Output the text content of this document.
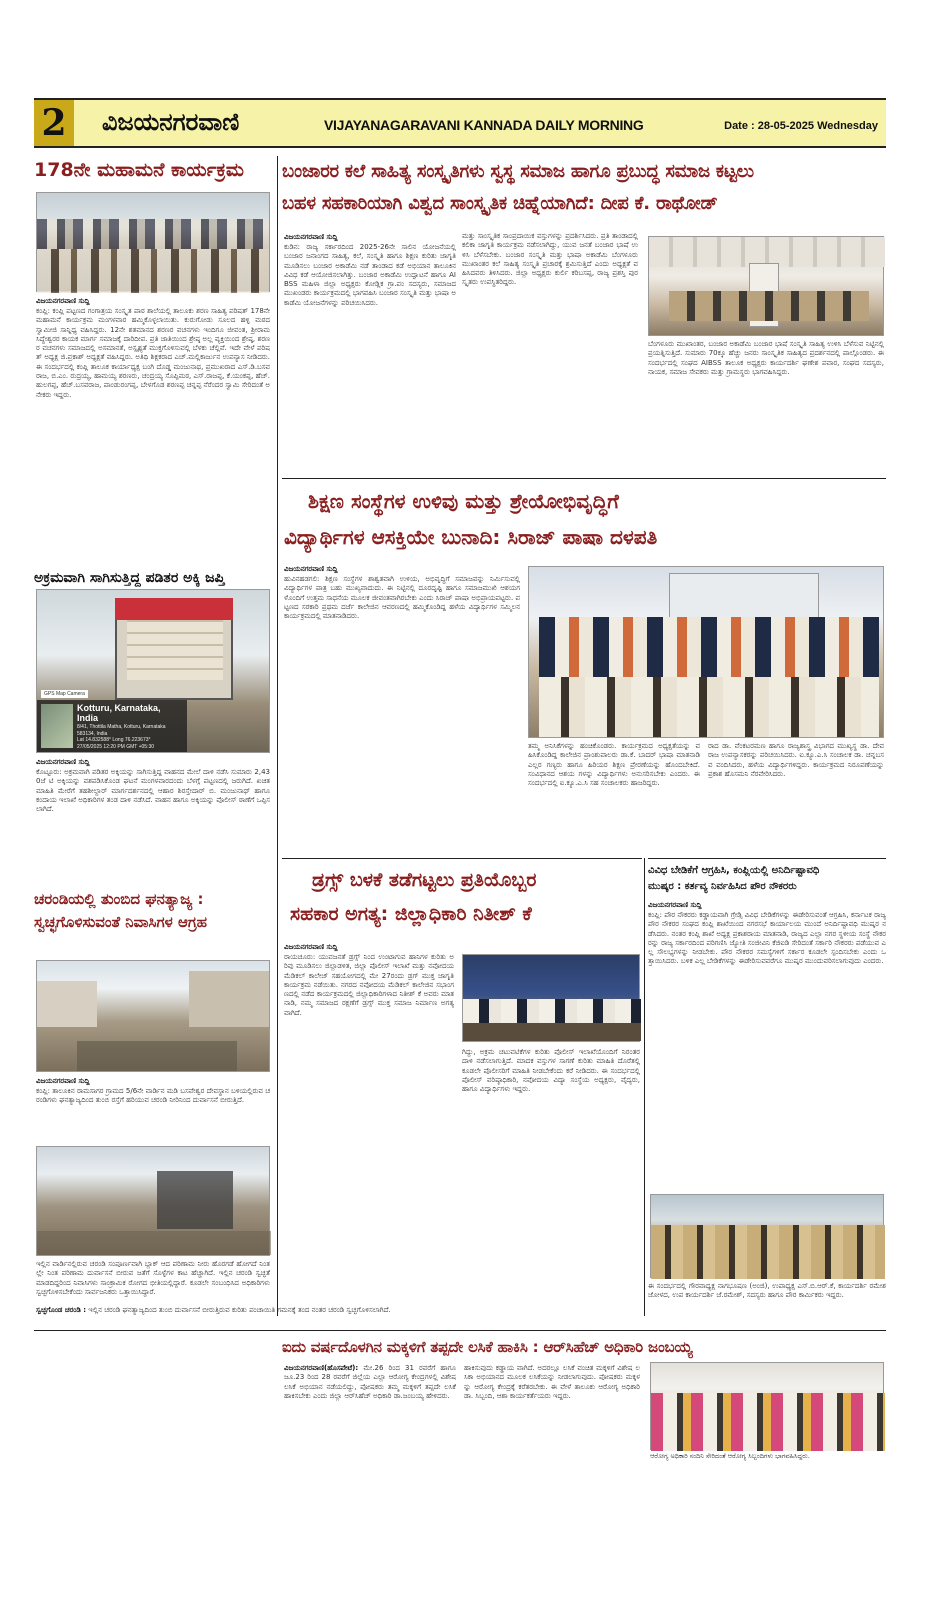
2	ವಿಜಯನಗರವಾಣಿ	VIJAYANAGARAVANI KANNADA DAILY MORNING	Date : 28-05-2025 Wednesday
178ನೇ ಮಹಾಮನೆ ಕಾರ್ಯಕ್ರಮ
ವಿಜಯನಗರವಾಣಿ ಸುದ್ದಿ
ಕಂಪ್ಲಿ: ಕಂಪ್ಲಿ ಪಟ್ಟಣದ ಗಂಗಾತ್ರಯ ಸಂಸ್ಕೃತ ಪಾಠ ಶಾಲೆಯಲ್ಲಿ ತಾಲೂಕು ಶರಣ ಸಾಹಿತ್ಯ ಪರಿಷತ್ 178ನೇ ಮಹಾಮನೆ ಕಾರ್ಯಕ್ರಮ ಮಂಗಳವಾರ ಹಮ್ಮಿಕೊಳ್ಳಲಾಯಿತು. ಕುರುಗೋಡು ಸೂಲದ ಹಳ್ಳಿ ಮಠದ ಸ್ವಾಮೀಜಿ ಸಾನ್ನಿಧ್ಯ ವಹಿಸಿದ್ದರು. 12ನೇ ಶತಮಾನದ ಶರಣರ ವಚನಗಳು ಇಂದಿಗೂ ಜೀವಂತ, ಶ್ರೀರಾಮ ಸಿದ್ಧೇಶ್ವರರ ಕಾಯಕ ಮಾರ್ಗ ಸಮಾಜಕ್ಕೆ ದಾರಿದೀಪ. ಪ್ರತಿ ಜಾತಿಯಿಂದ ಶ್ರೇಷ್ಠ ಅಲ್ಲ ವ್ಯಕ್ತಿಯಿಂದ ಶ್ರೇಷ್ಠ, ಶರಣರ ವಚನಗಳು ಸಮಾಜದಲ್ಲಿ ಅಸಮಾನತೆ, ಅಸ್ಪೃಶ್ಯತೆ ಮುಕ್ತಗೊಳಿಸುವಲ್ಲಿ ಬೆಳಕು ಚೆಲ್ಲಿವೆ. ಇದೇ ವೇಳೆ ಪರಿಷತ್ ಅಧ್ಯಕ್ಷ ಜಿ.ಪ್ರಕಾಶ್ ಅಧ್ಯಕ್ಷತೆ ವಹಿಸಿದ್ದರು. ಅತಿಥಿ ಶಿಕ್ಷಕರಾದ ಎಚ್.ಮಲ್ಲಿಕಾರ್ಜುನ ಉಪನ್ಯಾಸ ನೀಡಿದರು. ಈ ಸಂದರ್ಭದಲ್ಲಿ ಕಂಪ್ಲಿ ತಾಲೂಕ ಕಾರ್ಯಾಧ್ಯಕ್ಷ ಬಂಗಿ ದೊಡ್ಡ ಮಂಜುನಾಥ, ಪ್ರಮುಖರಾದ ಎಸ್.ಡಿ.ಬಸವರಾಜ, ಬಿ.ಎಂ. ರುದ್ರಯ್ಯ, ಹಾಮಯ್ಯ ಶರಣರು, ಚಂದ್ರಯ್ಯ ಸೊಪ್ಪಿಮಠ, ಎಸ್.ರಾಜಪ್ಪ, ಕೆ.ಯಂಕಪ್ಪ, ಹೆಚ್.ಹುಲಗಪ್ಪ, ಹೆಚ್.ಬಸವರಾಜ, ಪಾಂಡುರಂಗಪ್ಪ, ಬೇಳಗೊಡ ಶರಣಪ್ಪ ಚನ್ನಪ್ಪ ನೆರೆಂದರ ಸ್ವಾಮಿ ಸೇರಿದಂತೆ ಅನೇಕರು ಇದ್ದರು.
ಅಕ್ರಮವಾಗಿ ಸಾಗಿಸುತ್ತಿದ್ದ ಪಡಿತರ ಅಕ್ಕಿ ಜಪ್ತಿ
Kotturu, Karnataka, India
8/41, Thottila Matha, Kotturu, Karnataka 583134, India
Lat 14.832588° Long 76.223673°
27/05/2025 12:20 PM GMT +05:30
GPS Map Camera
ವಿಜಯನಗರವಾಣಿ ಸುದ್ದಿ
ಕೊಟ್ಟೂರು: ಅಕ್ರಮವಾಗಿ ಪಡಿತರ ಅಕ್ಕಿಯನ್ನು ಸಾಗಿಸುತ್ತಿದ್ದ ವಾಹನದ ಮೇಲೆ ದಾಳಿ ನಡೆಸಿ ಸುಮಾರು 2,430ಜೆ ಟಿ ಅಕ್ಕಿಯನ್ನು ವಶಪಡಿಸಿಕೊಂಡ ಘಟನೆ ಮಂಗಳವಾರದಂದು ಬೆಳಗ್ಗೆ ಪಟ್ಟಣದಲ್ಲಿ ಜರುಗಿದೆ. ಖಚಿತ ಮಾಹಿತಿ ಮೇರೆಗೆ ತಹಶೀಲ್ದಾರ್ ಮಾರ್ಗದರ್ಶನದಲ್ಲಿ ಆಹಾರ ಶಿರಸ್ತೇದಾರ್ ಬಿ. ಮಂಜುನಾಥ್ ಹಾಗೂ ಕಂದಾಯ ಇಲಾಖೆ ಅಧಿಕಾರಿಗಳ ತಂಡ ದಾಳಿ ನಡೆಸಿದೆ. ವಾಹನ ಹಾಗೂ ಅಕ್ಕಿಯನ್ನು ಪೊಲೀಸ್ ಠಾಣೆಗೆ ಒಪ್ಪಿಸಲಾಗಿದೆ.
ಚರಂಡಿಯಲ್ಲಿ ತುಂಬಿದ ಘನತ್ಯಾಜ್ಯ :
ಸ್ವಚ್ಛಗೊಳಿಸುವಂತೆ ನಿವಾಸಿಗಳ ಆಗ್ರಹ
ವಿಜಯನಗರವಾಣಿ ಸುದ್ದಿ
ಕಂಪ್ಲಿ: ತಾಲೂಕಿನ ರಾಮಸಾಗರ ಗ್ರಾಮದ 5/6ನೇ ವಾರ್ಡಿನ ಮಡಿ ಬಸವೇಶ್ವರ ದೇವಸ್ಥಾನ ಬಳಿಯಲ್ಲಿರುವ ಚರಂಡಿಗಳು ಘನತ್ಯಾಜ್ಯದಿಂದ ತುಂಬಿ ರಸ್ತೆಗೆ ಹರಿಯುವ ಚರಂಡಿ ನೀರಿನಿಂದ ದುರ್ವಾಸನೆ ಬೀರುತ್ತಿದೆ.
ಇಲ್ಲಿನ ವಾರ್ಡಿನಲ್ಲಿರುವ ಚರಂಡಿ ಸಂಪೂರ್ಣವಾಗಿ ಬ್ಲಾಕ್ ಆದ ಪರಿಣಾಮ ನೀರು ಹೊರಗಡೆ ಹೋಗದೆ ನಿಂತಲ್ಲೇ ನಿಂತ ಪರಿಣಾಮ ದುರ್ವಾಸನೆ ಬೀರುವ ಜತೆಗೆ ಸೊಳ್ಳೆಗಳ ಕಾಟ ಹೆಚ್ಚಾಗಿದೆ. ಇಲ್ಲಿನ ಚರಂಡಿ ಸ್ವಚ್ಛತೆ ಮಾಡದಿದ್ದರಿಂದ ನಿವಾಸಿಗಳು ಸಾಂಕ್ರಾಮಿಕ ರೋಗದ ಭೀತಿಯಲ್ಲಿದ್ದಾರೆ. ಕೂಡಲೇ ಸಂಬಂಧಿಸಿದ ಅಧಿಕಾರಿಗಳು ಸ್ವಚ್ಛಗೊಳಿಸಬೇಕೆಂದು ಸಾರ್ವಜನಿಕರು ಒತ್ತಾಯಿಸಿದ್ದಾರೆ.
ಸ್ವಚ್ಛಗೊಂಡ ಚರಂಡಿ : ಇಲ್ಲಿನ ಚರಂಡಿ ಘನತ್ಯಾಜ್ಯದಿಂದ ತುಂಬಿ ದುರ್ವಾಸನೆ ಬೀರುತ್ತಿರುವ ಕುರಿತು ಪಂಚಾಯಿತಿ ಗಮನಕ್ಕೆ ತಂದ ನಂತರ ಚರಂಡಿ ಸ್ವಚ್ಛಗೊಳಿಸಲಾಗಿದೆ.
ಬಂಜಾರರ ಕಲೆ ಸಾಹಿತ್ಯ ಸಂಸ್ಕೃತಿಗಳು ಸ್ವಸ್ಥ ಸಮಾಜ ಹಾಗೂ ಪ್ರಬುದ್ಧ ಸಮಾಜ ಕಟ್ಟಲು
ಬಹಳ ಸಹಕಾರಿಯಾಗಿ ವಿಶ್ವದ ಸಾಂಸ್ಕೃತಿಕ ಚಿಹ್ನೆಯಾಗಿದೆ: ದೀಪ ಕೆ. ರಾಥೋಡ್
ವಿಜಯನಗರವಾಣಿ ಸುದ್ದಿ
ಕುಡಿನ: ರಾಜ್ಯ ಸರ್ಕಾರದಿಂದ 2025-26ನೇ ಸಾಲಿನ ಯೋಜನೆಯಲ್ಲಿ ಬಂಜಾರ ಜನಾಂಗದ ಸಾಹಿತ್ಯ, ಕಲೆ, ಸಂಸ್ಕೃತಿ ಹಾಗೂ ಶಿಕ್ಷಣ ಕುರಿತು ಜಾಗೃತಿ ಮೂಡಿಸಲು ಬಂಜಾರ ಅಕಾಡೆಮಿ ನಡೆ ತಾಂಡಾದ ಕಡೆ ಅಭಿಯಾನ ತಾಲೂಕಿನ ವಿವಿಧ ಕಡೆ ಆಯೋಜಿಸಲಾಗಿತ್ತು. ಬಂಜಾರ ಅಕಾಡೆಮಿ ಉದ್ಘಾಟನೆ ಹಾಗೂ AIBSS ಮಹಿಳಾ ಜಿಲ್ಲಾ ಅಧ್ಯಕ್ಷರು ಕೋಡ್ಲಿಕ ಗ್ರಾ.ಪಂ ಸದಸ್ಯರು, ಸಮಾಜದ ಮುಖಂಡರು ಕಾರ್ಯಕ್ರಮದಲ್ಲಿ ಭಾಗವಹಿಸಿ ಬಂಜಾರ ಸಂಸ್ಕೃತಿ ಮತ್ತು ಭಾಷಾ ಅಕಾಡೆಮಿ ಯೋಜನೆಗಳನ್ನು ಪರಿಚಯಿಸಿದರು.
ಮತ್ತು ಸಾಂಸ್ಕೃತಿಕ ಸಾಂಪ್ರದಾಯಿಕ ವಸ್ತುಗಳನ್ನು ಪ್ರದರ್ಶಿಸಿದರು. ಪ್ರತಿ ತಾಂಡಾದಲ್ಲಿ ಕಲಿಕಾ ಜಾಗೃತಿ ಕಾರ್ಯಕ್ರಮ ನಡೆಸಲಾಗಿದ್ದು, ಯುವ ಜನತೆ ಬಂಜಾರ ಭಾಷೆ ಉಳಿಸಿ ಬೆಳೆಸಬೇಕು. ಬಂಜಾರ ಸಂಸ್ಕೃತಿ ಮತ್ತು ಭಾಷಾ ಅಕಾಡೆಮಿ ಬೆಂಗಳೂರು ಮುಖಾಂತರ ಕಲೆ ಸಾಹಿತ್ಯ ಸಂಸ್ಕೃತಿ ಪ್ರಚಾರಕ್ಕೆ ಶ್ರಮಿಸುತ್ತಿದೆ ಎಂದು ಅಧ್ಯಕ್ಷತೆ ವಹಿಸಿದವರು ತಿಳಿಸಿದರು. ಜಿಲ್ಲಾ ಅಧ್ಯಕ್ಷರು ಕುರ್ಲಿ ಕರಿಬಸಪ್ಪ, ರಾಜ್ಯ ಪ್ರಶಸ್ತಿ ಪುರಸ್ಕೃತರು ಉಪಸ್ಥಿತರಿದ್ದರು.
ಬೆಂಗಳೂರು ಮುಖಾಂತರ, ಬಂಜಾರ ಅಕಾಡೆಮಿ ಬಂಜಾರ ಭಾಷೆ ಸಂಸ್ಕೃತಿ ಸಾಹಿತ್ಯ ಉಳಿಸಿ ಬೆಳೆಸುವ ನಿಟ್ಟಿನಲ್ಲಿ ಪ್ರಯತ್ನಿಸುತ್ತಿದೆ. ಸುಮಾರು 70ಕ್ಕೂ ಹೆಚ್ಚು ಜನರು ಸಾಂಸ್ಕೃತಿಕ ಸಾಹಿತ್ಯದ ಪ್ರದರ್ಶನದಲ್ಲಿ ಪಾಲ್ಗೊಂಡರು. ಈ ಸಂದರ್ಭದಲ್ಲಿ ಸಂಘದ AIBSS ತಾಲೂಕ ಅಧ್ಯಕ್ಷರು ಕಾರ್ಯದರ್ಶಿ ಘಣೇಶ ಪವಾರ, ಸಂಘದ ಸದಸ್ಯರು, ನಾಯಕ, ಸಮಾಜ ಸೇವಕರು ಮತ್ತು ಗ್ರಾಮಸ್ಥರು ಭಾಗವಹಿಸಿದ್ದರು.
ಶಿಕ್ಷಣ ಸಂಸ್ಥೆಗಳ ಉಳಿವು ಮತ್ತು ಶ್ರೇಯೋಭಿವೃದ್ಧಿಗೆ
ವಿದ್ಯಾರ್ಥಿಗಳ ಆಸಕ್ತಿಯೇ ಬುನಾದಿ: ಸಿರಾಜ್ ಪಾಷಾ ದಳಪತಿ
ವಿಜಯನಗರವಾಣಿ ಸುದ್ದಿ
ಹುವಿನಹಡಗಲಿ: ಶಿಕ್ಷಣ ಸಂಸ್ಥೆಗಳ ಶಾಶ್ವತವಾಗಿ ಉಳಿಯ, ಅಭಿವೃದ್ಧಿಗೆ ಸಮಾಜವನ್ನು ನಿರ್ಮಿಸುವಲ್ಲಿ ವಿದ್ಯಾರ್ಥಿಗಳ ಪಾತ್ರ ಬಹು ಮುಖ್ಯವಾದುದು. ಈ ನಿಟ್ಟಿನಲ್ಲಿ ದೂರದೃಷ್ಟಿ ಹಾಗೂ ಸಮಾಜಮುಖಿ ಆಶಯಗಳೊಂದಿಗೆ ಉತ್ತಮ ಸಾಧನೆಯ ಮೂಲಕ ಜೀವಂತವಾಗಿರಬೇಕು ಎಂದು ಸಿರಾಜ್ ಪಾಷಾ ಅಭಿಪ್ರಾಯಪಟ್ಟರು. ಪಟ್ಟಣದ ಸರಕಾರಿ ಪ್ರಥಮ ದರ್ಜೆ ಕಾಲೇಜಿನ ಆವರಣದಲ್ಲಿ ಹಮ್ಮಿಕೊಂಡಿದ್ದ ಹಳೆಯ ವಿದ್ಯಾರ್ಥಿಗಳ ಸಮ್ಮಿಲನ ಕಾರ್ಯಕ್ರಮದಲ್ಲಿ ಮಾತನಾಡಿದರು.
ತಮ್ಮ ಅನಿಸಿಕೆಗಳನ್ನು ಹಂಚಿಕೊಂಡರು. ಕಾರ್ಯಕ್ರಮದ ಅಧ್ಯಕ್ಷತೆಯನ್ನು ವಹಿಸಿಕೊಂಡಿದ್ದ ಕಾಲೇಜಿನ ಪ್ರಾಂಶುಪಾಲರು ಡಾ.ಕೆ. ಬಾದರ್ ಭಾಷಾ ಮಾತನಾಡಿ ಎಲ್ಲರ ಗಣ್ಯರು ಹಾಗೂ ಹಿರಿಯರ ಶಿಕ್ಷಣ ಪ್ರೇರಣೆಯನ್ನು ಹೊಂದಬೇಕಿದೆ. ಸಂವಿಧಾನದ ಆಶಯ ಗಳನ್ನು ವಿದ್ಯಾರ್ಥಿಗಳು ಅನುಸರಿಸಬೇಕು ಎಂದರು. ಈ ಸಂದರ್ಭದಲ್ಲಿ ಐ.ಕ್ಯೂ.ಎ.ಸಿ ಸಹ ಸಂಚಾಲಕರು ಹಾಜರಿದ್ದರು.
ರಾದ ಡಾ. ವೆಂಕಟರಮಣ ಹಾಗೂ ರಾಜ್ಯಶಾಸ್ತ್ರ ವಿಭಾಗದ ಮುಖ್ಯಸ್ಥ ಡಾ. ದೇವರಾಜ ಉಪನ್ಯಾಸಕರನ್ನು ಪರಿಚಯಿಸಿದರು. ಐ.ಕ್ಯೂ.ಎ.ಸಿ ಸಂಚಾಲಕ ಡಾ. ಚನ್ನಬಸವ ವಂದಿಸಿದರು, ಹಳೆಯ ವಿದ್ಯಾರ್ಥಿಗಳಿದ್ದರು. ಕಾರ್ಯಕ್ರಮದ ನಿರೂಪಣೆಯನ್ನು ಪ್ರಕಾಶ ಹೊಸಮನಿ ನೆರವೇರಿಸಿದರು.
ಡ್ರಗ್ಸ್ ಬಳಕೆ ತಡೆಗಟ್ಟಲು ಪ್ರತಿಯೊಬ್ಬರ
ಸಹಕಾರ ಅಗತ್ಯ: ಜಿಲ್ಲಾಧಿಕಾರಿ ನಿತೀಶ್ ಕೆ
ವಿಜಯನಗರವಾಣಿ ಸುದ್ದಿ
ರಾಯಚೂರು: ಯುವಜನತೆ ಡ್ರಗ್ಸ್ ನಿಂದ ಉಂಟಾಗುವ ಹಾನಿಗಳ ಕುರಿತು ಅರಿವು ಮೂಡಿಸಲು ಜಿಲ್ಲಾಡಳಿತ, ಜಿಲ್ಲಾ ಪೊಲೀಸ್ ಇಲಾಖೆ ಮತ್ತು ನವೋದಯ ಮೆಡಿಕಲ್ ಕಾಲೇಜ್ ಸಹಯೋಗದಲ್ಲಿ ಮೇ 27ರಂದು ಡ್ರಗ್ ಮುಕ್ತ ಜಾಗೃತಿ ಕಾರ್ಯಕ್ರಮ ನಡೆಯಿತು. ನಗರದ ನವೋದಯ ಮೆಡಿಕಲ್ ಕಾಲೇಜಿನ ಸಭಾಂಗಣದಲ್ಲಿ ನಡೆದ ಕಾರ್ಯಕ್ರಮದಲ್ಲಿ ಜಿಲ್ಲಾಧಿಕಾರಿಗಳಾದ ನಿತೀಶ್ ಕೆ ಅವರು ಮಾತನಾಡಿ, ನಮ್ಮ ಸಮಾಜದ ರಕ್ಷಣೆಗೆ ಡ್ರಗ್ಸ್ ಮುಕ್ತ ಸಮಾಜ ನಿರ್ಮಾಣ ಅಗತ್ಯವಾಗಿದೆ.
ಗಿದ್ದು, ಅಕ್ರಮ ಚಟುವಟಿಕೆಗಳ ಕುರಿತು ಪೊಲೀಸ್ ಇಲಾಖೆಯೊಂದಿಗೆ ನಿರಂತರ ದಾಳಿ ನಡೆಸಲಾಗುತ್ತಿದೆ. ಮಾದಕ ವಸ್ತುಗಳ ಸಾಗಣೆ ಕುರಿತು ಮಾಹಿತಿ ದೊರೆತಲ್ಲಿ ಕೂಡಲೇ ಪೊಲೀಸರಿಗೆ ಮಾಹಿತಿ ನೀಡಬೇಕೆಂದು ಕರೆ ನೀಡಿದರು. ಈ ಸಂದರ್ಭದಲ್ಲಿ ಪೊಲೀಸ್ ವರಿಷ್ಠಾಧಿಕಾರಿ, ನವೋದಯ ವಿದ್ಯಾ ಸಂಸ್ಥೆಯ ಅಧ್ಯಕ್ಷರು, ವೈದ್ಯರು, ಹಾಗೂ ವಿದ್ಯಾರ್ಥಿಗಳು ಇದ್ದರು.
ವಿವಿಧ ಬೇಡಿಕೆಗೆ ಆಗ್ರಹಿಸಿ, ಕಂಪ್ಲಿಯಲ್ಲಿ ಅನಿರ್ದಿಷ್ಟಾವಧಿ
ಮುಷ್ಕರ : ಕರ್ತವ್ಯ ನಿರ್ವಹಿಸಿದ ಪೌರ ನೌಕರರು
ವಿಜಯನಗರವಾಣಿ ಸುದ್ದಿ
ಕಂಪ್ಲಿ: ಪೌರ ನೌಕರರು ಕಡ್ಡಾಯವಾಗಿ ಗ್ರೇಡ್ಸಿ ವಿವಿಧ ಬೇಡಿಕೆಗಳನ್ನು ಈಡೇರಿಸುವಂತೆ ಆಗ್ರಹಿಸಿ, ಕರ್ನಾಟಕ ರಾಜ್ಯ ಪೌರ ನೌಕರರ ಸಂಘದ ಕಂಪ್ಲಿ ಶಾಖೆಯಿಂದ ನಗರಸಭೆ ಕಾರ್ಯಾಲಯ ಮುಂದೆ ಅನಿರ್ದಿಷ್ಟಾವಧಿ ಮುಷ್ಕರ ನಡೆಸಿದರು. ನಂತರ ಕಂಪ್ಲಿ ಶಾಖೆ ಅಧ್ಯಕ್ಷ ಪ್ರಕಾಶರಾಯ ಮಾತನಾಡಿ, ರಾಜ್ಯದ ಎಲ್ಲಾ ನಗರ ಸ್ಥಳೀಯ ಸಂಸ್ಥೆ ನೌಕರರನ್ನು ರಾಜ್ಯ ಸರ್ಕಾರದಿಂದ ಪರಿಗಣಿಸಿ ಜ್ಯೋತಿ ಸಂಜೀವಿನಿ ಕೆಜಿಐಡಿ ಸೇರಿದಂತೆ ಸರ್ಕಾರಿ ನೌಕರರು ಪಡೆಯುವ ಎಲ್ಲ ಸೌಲಭ್ಯಗಳನ್ನು ನೀಡಬೇಕು. ಪೌರ ನೌಕರರ ಸಮಸ್ಯೆಗಳಿಗೆ ಸರ್ಕಾರ ಕೂಡಲೇ ಸ್ಪಂದಿಸಬೇಕು ಎಂದು ಒತ್ತಾಯಿಸಿದರು. ಬಳಿಕ ಎಲ್ಲ ಬೇಡಿಕೆಗಳನ್ನು ಈಡೇರಿಸುವವರೆಗೂ ಮುಷ್ಕರ ಮುಂದುವರಿಸಲಾಗುವುದು ಎಂದರು.
ಈ ಸಂದರ್ಭದಲ್ಲಿ ಗೌರವಾಧ್ಯಕ್ಷ ನಾಗಭೂಷಣ (ಅಂಜಿ), ಉಪಾಧ್ಯಕ್ಷ ಎಸ್.ಬಿ.ಆರ್.ಕೆ, ಕಾರ್ಯದರ್ಶಿ ರಮೇಶ ಜೋಳದ, ಉಪ ಕಾರ್ಯದರ್ಶಿ ಜೆ.ರಮೇಶ್, ಸದಸ್ಯರು ಹಾಗೂ ಪೌರ ಕಾರ್ಮಿಕರು ಇದ್ದರು.
ಐದು ವರ್ಷದೊಳಗಿನ ಮಕ್ಕಳಿಗೆ ತಪ್ಪದೇ ಲಸಿಕೆ ಹಾಕಿಸಿ : ಆರ್‌ಸಿಹೆಚ್ ಅಧಿಕಾರಿ ಜಂಬಯ್ಯ
ವಿಜಯನಗರವಾಣಿ(ಹೊಸಪೇಟೆ): ಮೇ.26 ರಿಂದ 31 ರವರೆಗೆ ಹಾಗೂ ಜೂ.23 ರಿಂದ 28 ರವರೆಗೆ ಜಿಲ್ಲೆಯ ಎಲ್ಲಾ ಆರೋಗ್ಯ ಕೇಂದ್ರಗಳಲ್ಲಿ ವಿಶೇಷ ಲಸಿಕೆ ಅಭಿಯಾನ ನಡೆಯಲಿದ್ದು, ಪೋಷಕರು ತಮ್ಮ ಮಕ್ಕಳಿಗೆ ತಪ್ಪದೇ ಲಸಿಕೆ ಹಾಕಿಸಬೇಕು ಎಂದು ಜಿಲ್ಲಾ ಆರ್‌ಸಿಹೆಚ್ ಅಧಿಕಾರಿ ಡಾ.ಜಂಬಯ್ಯ ಹೇಳಿದರು.
ಹಾಕಿಸುವುದು ಕಡ್ಡಾಯ ವಾಗಿದೆ. ಅದರಲ್ಲೂ ಲಸಿಕೆ ವಂಚಿತ ಮಕ್ಕಳಿಗೆ ವಿಶೇಷ ಲಸಿಕಾ ಅಭಿಯಾನದ ಮೂಲಕ ಲಸಿಕೆಯನ್ನು ನೀಡಲಾಗುವುದು. ಪೋಷಕರು ಮಕ್ಕಳನ್ನು ಆರೋಗ್ಯ ಕೇಂದ್ರಕ್ಕೆ ಕರೆತರಬೇಕು. ಈ ವೇಳೆ ತಾಲೂಕು ಆರೋಗ್ಯ ಅಧಿಕಾರಿ ಡಾ. ಸಿಬ್ಬಂದಿ, ಆಶಾ ಕಾರ್ಯಕರ್ತೆಯರು ಇದ್ದರು.
ಆರೋಗ್ಯ ಅಧಿಕಾರಿ ಸಂದಿನಿ ಸೇರಿದಂತೆ ಆರೋಗ್ಯ ಸಿಬ್ಬಂದಿಗಳು ಭಾಗವಹಿಸಿದ್ದರು.
